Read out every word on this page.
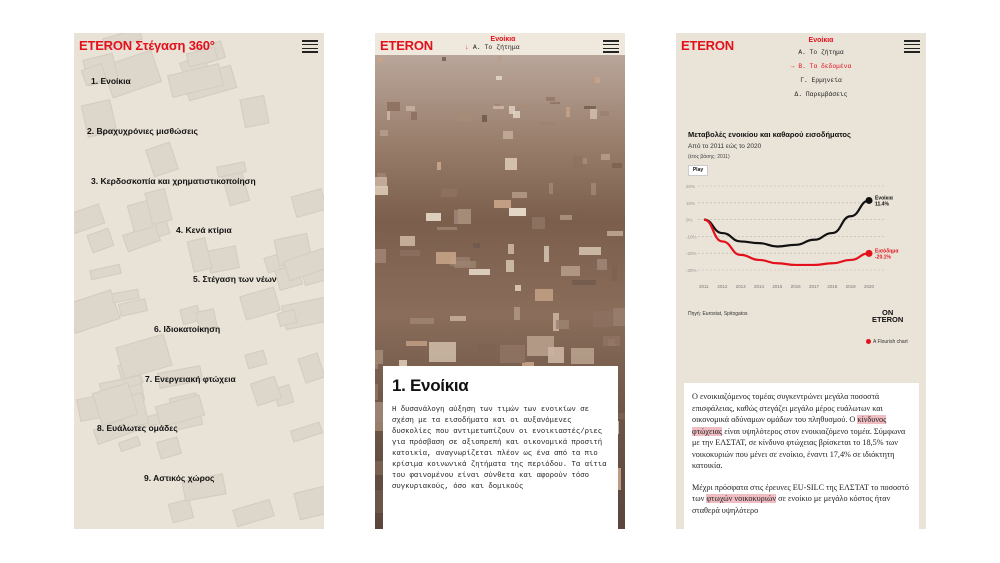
ETERON Στέγαση 360°
1. Ενοίκια
2. Βραχυχρόνιες μισθώσεις
3. Κερδοσκοπία και χρηματιστικοποίηση
4. Κενά κτίρια
5. Στέγαση των νέων
6. Ιδιοκατοίκηση
7. Ενεργειακή φτώχεια
8. Ευάλωτες ομάδες
9. Αστικός χώρος
ETERON	Ενοίκια
↓ Α. Το ζήτημα
1. Ενοίκια

Η δυσανάλογη αύξηση των τιμών των ενοικίων σε σχέση με τα εισοδήματα και οι αυξανόμενες δυσκολίες που αντιμετωπίζουν οι ενοικιαστές/ριες για πρόσβαση σε αξιοπρεπή και οικονομικά προσιτή κατοικία, αναγνωρίζεται πλέον ως ένα από τα πιο κρίσιμα κοινωνικά ζητήματα της περιόδου. Τα αίτια του φαινομένου είναι σύνθετα και αφορούν τόσο συγκυριακούς, όσο και δομικούς

ETERON	Ενοίκια
Α. Το ζήτημα
→ Β. Τα δεδομένα
Γ. Ερμηνεία
Δ. Παρεμβάσεις
Μεταβολές ενοικίου και καθαρού εισοδήματος
Από το 2011 εώς το 2020
(έτος βάσης: 2011)
Play
20%
10%
0%
-10%
-20%
-30%
2011 2012 2013 2014 2015 2016 2017 2018 2019 2020
Ενοίκια
11.4%
Εισόδημα
-20.1%
Πηγή: Eurostat, Spitogatos	ON
ETERON
A Flourish chart

Ο ενοικιαζόμενος τομέας συγκεντρώνει μεγάλα ποσοστά επισφάλειας, καθώς στεγάζει μεγάλο μέρος ευάλωτων και οικονομικά αδύναμων ομάδων του πληθυσμού. Ο κίνδυνος φτώχειας είναι υψηλότερος στον ενοικιαζόμενο τομέα. Σύμφωνα με την ΕΛΣΤΑΤ, σε κίνδυνο φτώχειας βρίσκεται το 18,5% των νοικοκυριών που μένει σε ενοίκιο, έναντι 17,4% σε ιδιόκτητη κατοικία.

Μέχρι πρόσφατα στις έρευνες EU-SILC της ΕΛΣΤΑΤ το ποσοστό των φτωχών νοικοκυριών σε ενοίκιο με μεγάλο κόστος ήταν σταθερά υψηλότερο
